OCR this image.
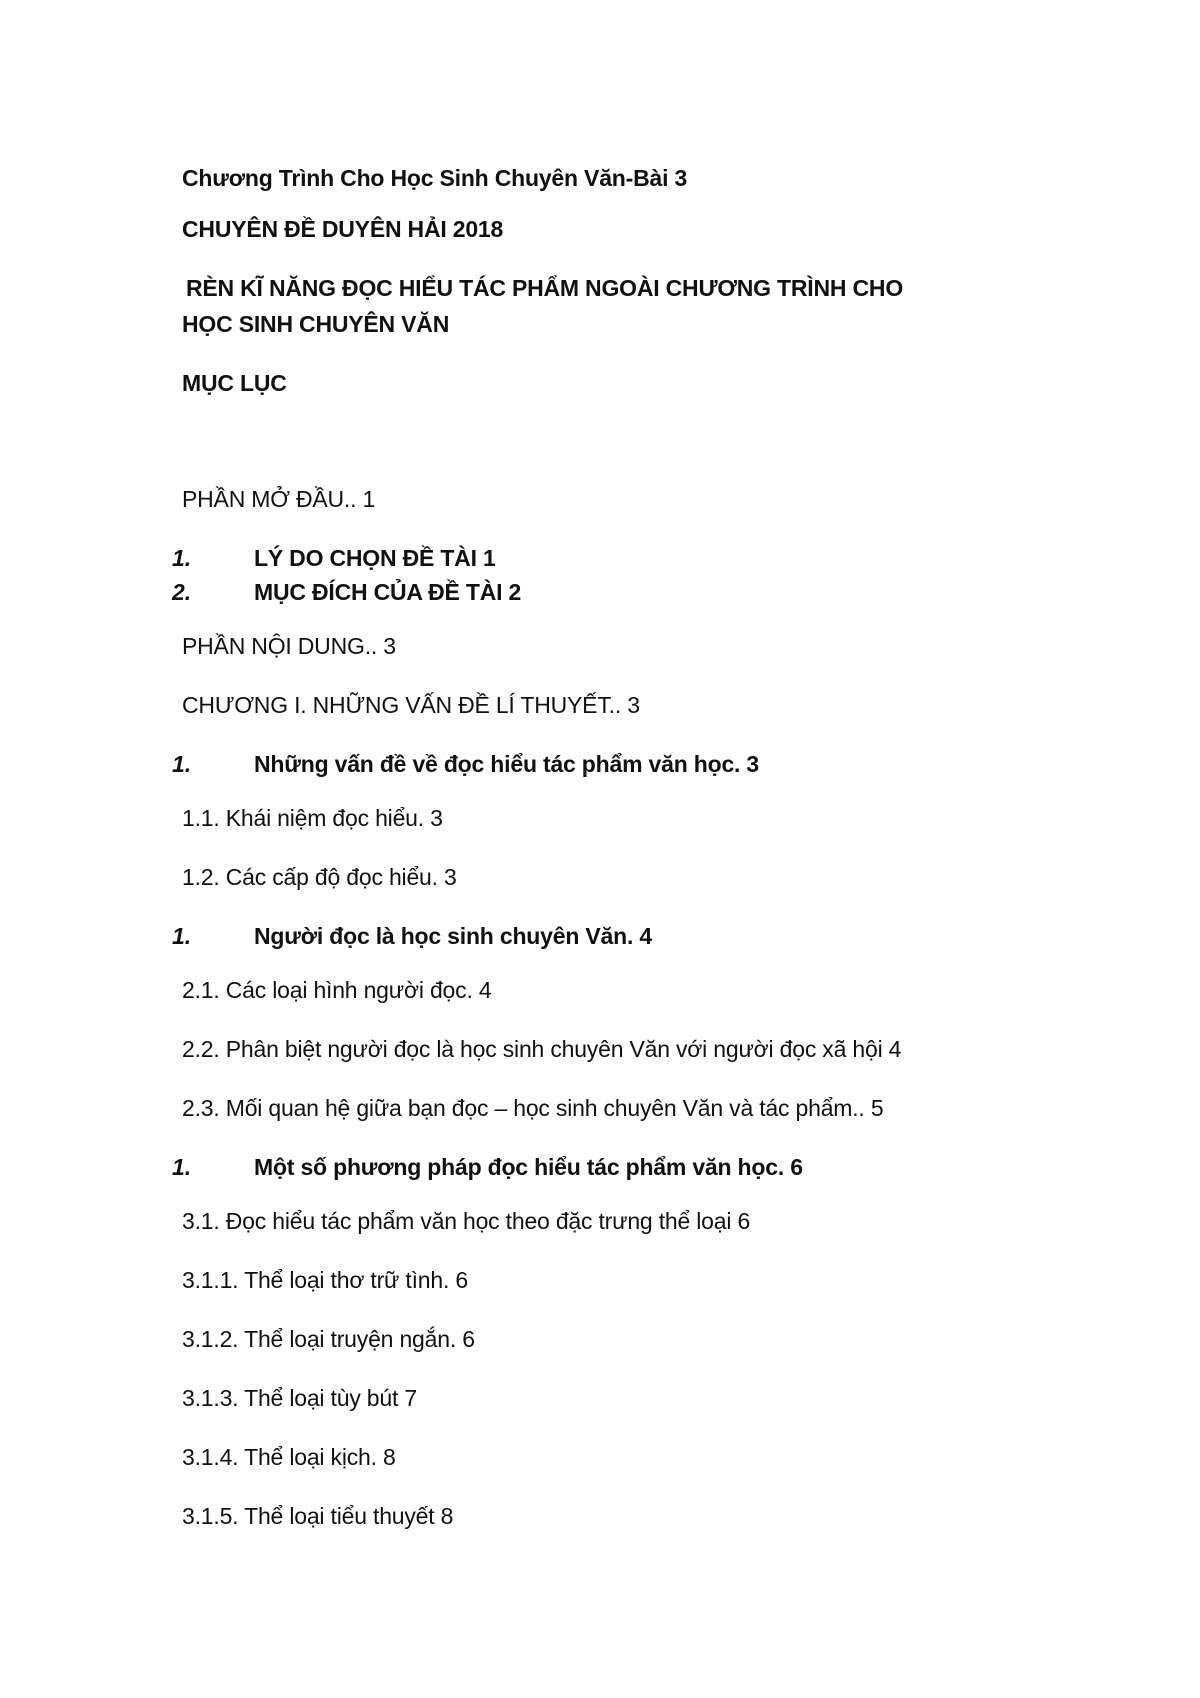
Chương Trình Cho Học Sinh Chuyên Văn-Bài 3
CHUYÊN ĐỀ DUYÊN HẢI 2018
RÈN KĨ NĂNG ĐỌC HIỂU TÁC PHẨM NGOÀI CHƯƠNG TRÌNH CHO
HỌC SINH CHUYÊN VĂN
MỤC LỤC
PHẦN MỞ ĐẦU.. 1
1.	LÝ DO CHỌN ĐỀ TÀI 1
2.	MỤC ĐÍCH CỦA ĐỀ TÀI 2
PHẦN NỘI DUNG.. 3
CHƯƠNG I. NHỮNG VẤN ĐỀ LÍ THUYẾT.. 3
1.	Những vấn đề về đọc hiểu tác phẩm văn học. 3
1.1. Khái niệm đọc hiểu. 3
1.2. Các cấp độ đọc hiểu. 3
1.	Người đọc là học sinh chuyên Văn. 4
2.1. Các loại hình người đọc. 4
2.2. Phân biệt người đọc là học sinh chuyên Văn với người đọc xã hội 4
2.3. Mối quan hệ giữa bạn đọc – học sinh chuyên Văn và tác phẩm.. 5
1.	Một số phương pháp đọc hiểu tác phẩm văn học. 6
3.1. Đọc hiểu tác phẩm văn học theo đặc trưng thể loại 6
3.1.1. Thể loại thơ trữ tình. 6
3.1.2. Thể loại truyện ngắn. 6
3.1.3. Thể loại tùy bút 7
3.1.4. Thể loại kịch. 8
3.1.5. Thể loại tiểu thuyết 8
